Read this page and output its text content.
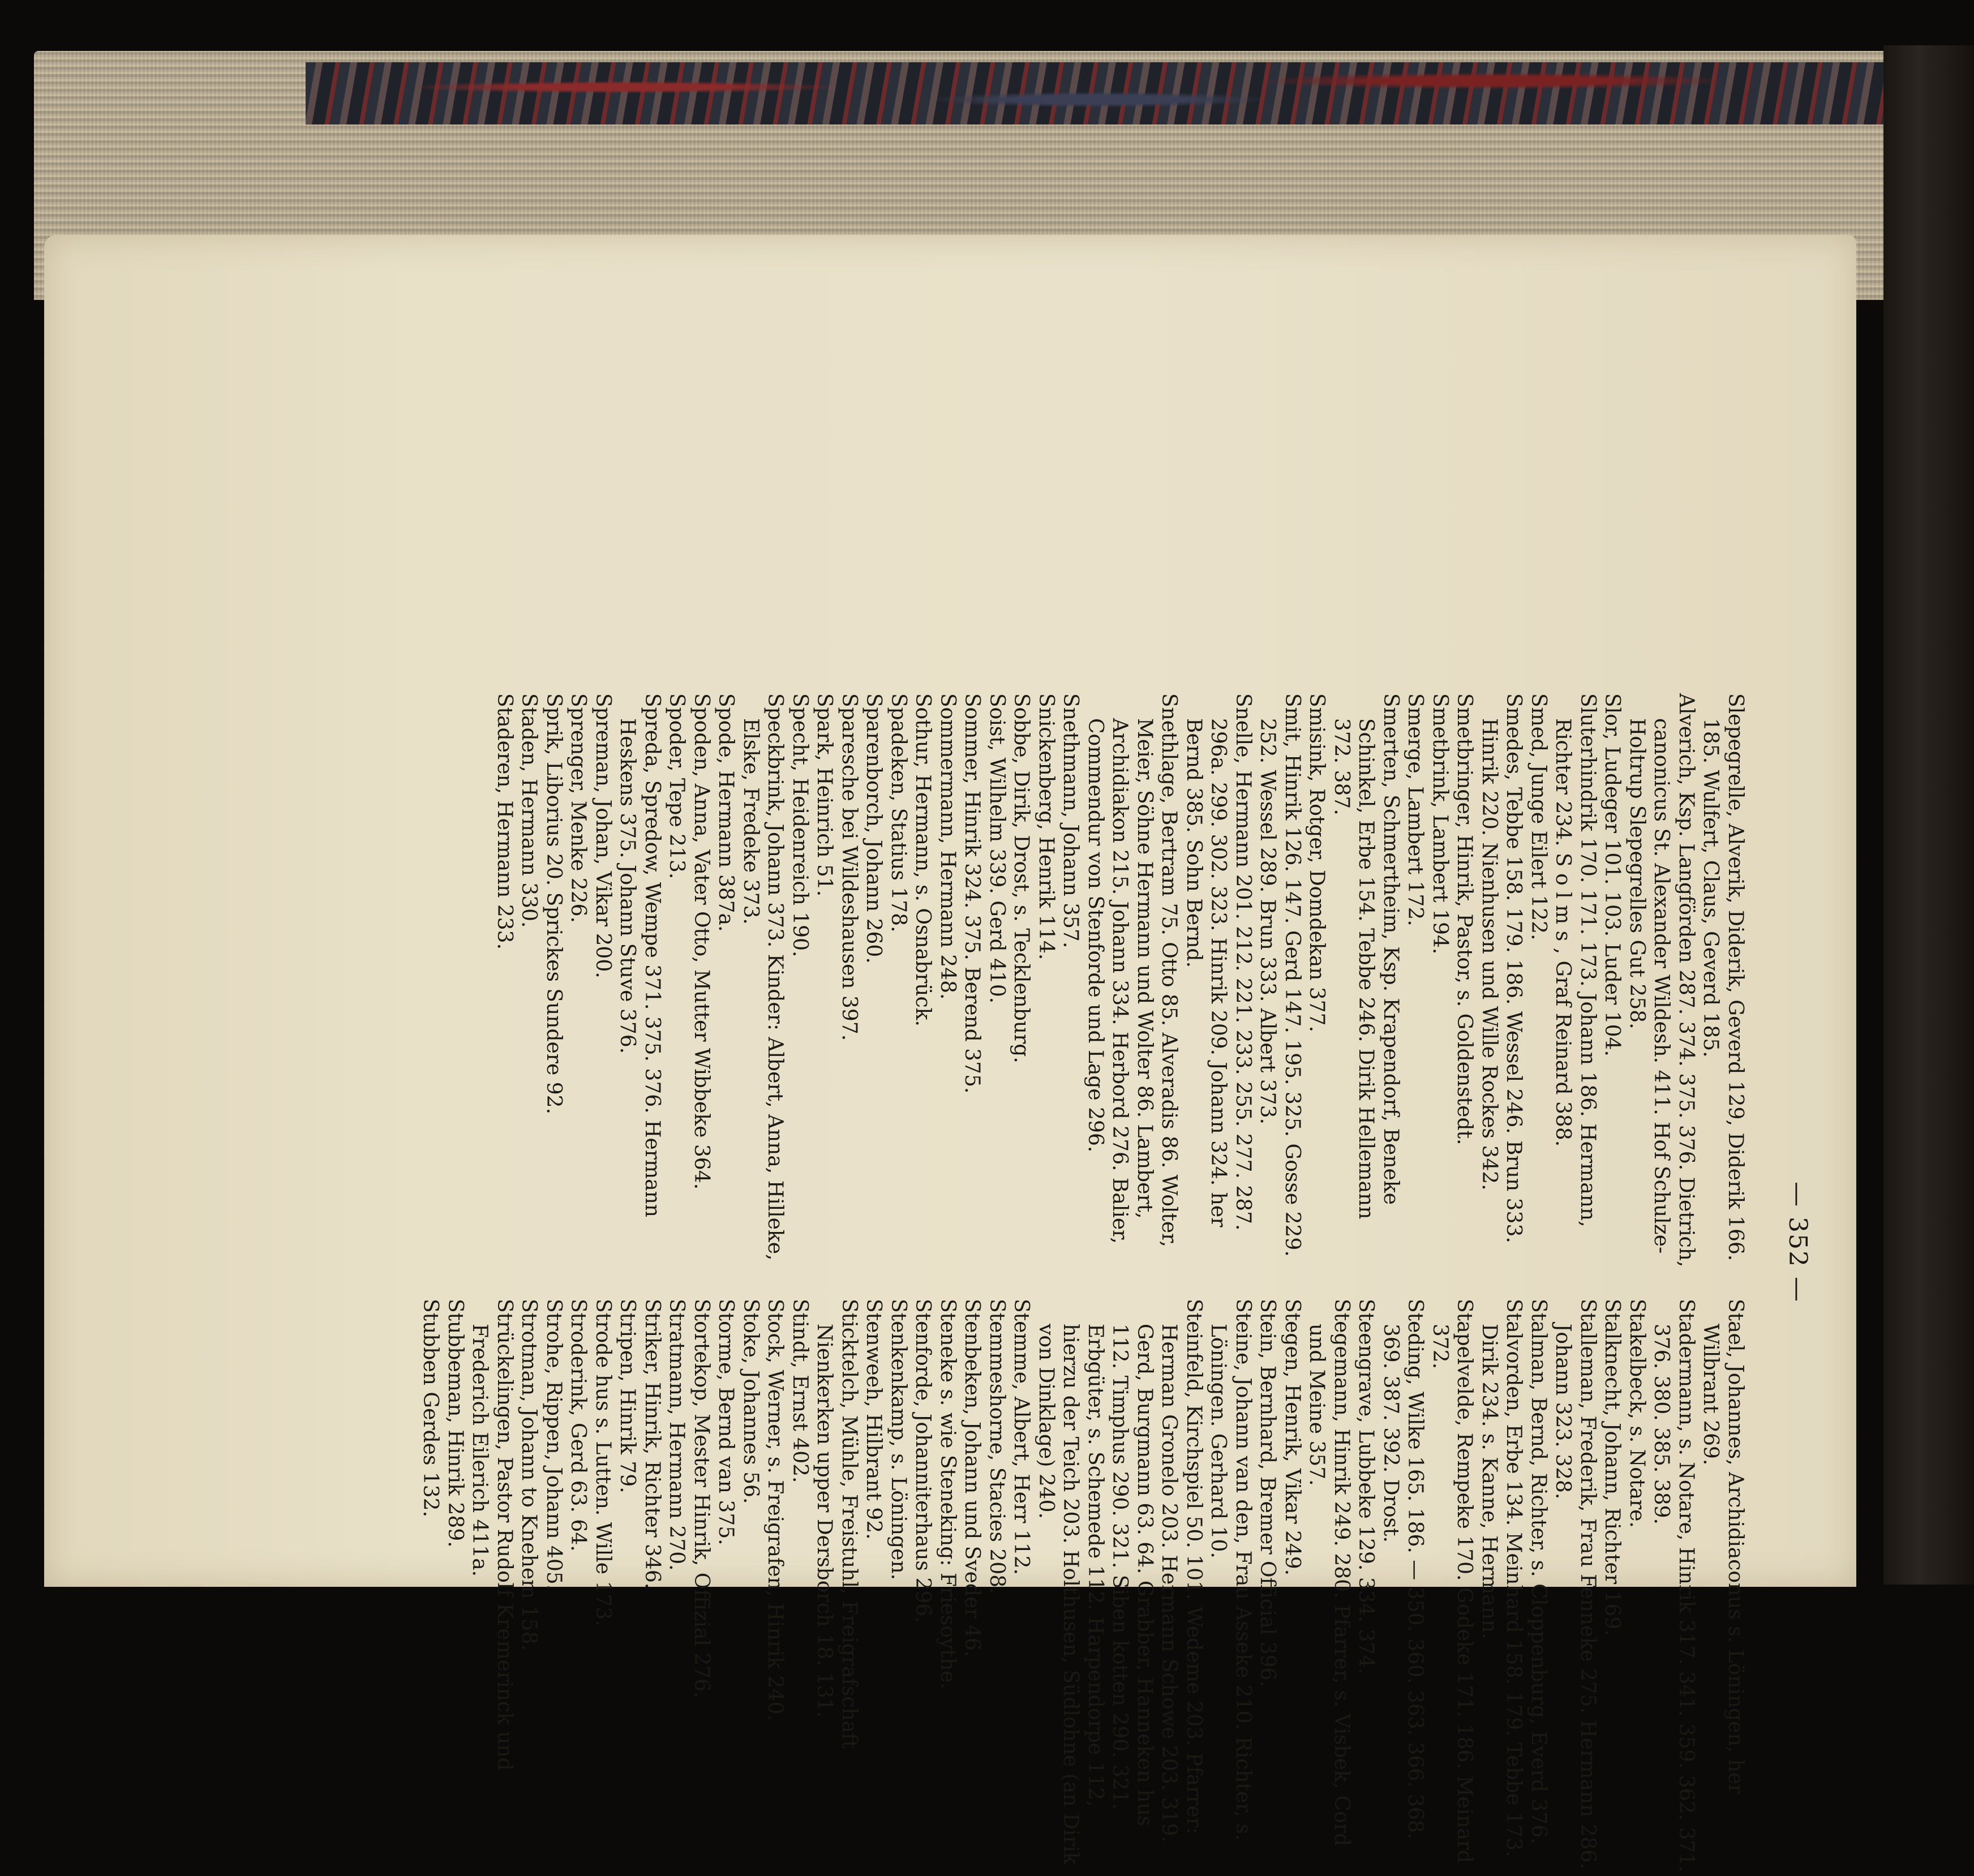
— 352 —

Slepegrelle, Alverik, Diderik, Geverd 129, Diderik 166. 185. Wulfert, Claus, Geverd 185.

Alverich, Ksp. Langförden 287. 374. 375. 376. Dietrich, canonicus St. Alexander Wildesh. 411. Hof Schulze-Holtrup Slepegrelles Gut 258.

Slor, Ludeger 101. 103. Luder 104.

Sluterhindrik 170. 171. 173. Johann 186. Hermann, Richter 234. S o l m s , Graf Reinard 388.

Smed, Junge Eilert 122.

Smedes, Tebbe 158. 179. 186. Wessel 246. Brun 333. Hinrik 220. Nienhusen und Wille Rockes 342.

Smetbringer, Hinrik, Pastor, s. Goldenstedt.

Smetbrink, Lambert 194.

Smerge, Lambert 172.

Smerten, Schmertheim, Ksp. Krapendorf, Beneke Schinkel, Erbe 154. Tebbe 246. Dirik Hellemann 372. 387.

Smisink, Rotger, Domdekan 377.

Smit, Hinrik 126. 147. Gerd 147. 195. 325. Gosse 229. 252. Wessel 289. Brun 333. Albert 373.

Snelle, Hermann 201. 212. 221. 233. 255. 277. 287. 296a. 299. 302. 323. Hinrik 209. Johann 324. her Bernd 385. Sohn Bernd.

Snethlage, Bertram 75. Otto 85. Alveradis 86. Wolter, Meier, Söhne Hermann und Wolter 86. Lambert, Archidiakon 215. Johann 334. Herbord 276. Balier, Commendur von Stenforde und Lage 296.

Snethmann, Johann 357.

Snickenberg, Henrik 114.

Sobbe, Dirik, Drost, s. Tecklenburg.

Soist, Wilhelm 339. Gerd 410.

Sommer, Hinrik 324. 375. Berend 375.

Sommermann, Hermann 248.

Sothur, Hermann, s. Osnabrück.

Spadeken, Statius 178.

Sparenborch, Johann 260.

Sparesche bei Wildeshausen 397.

Spark, Heinrich 51.

Specht, Heidenreich 190.

Speckbrink, Johann 373. Kinder: Albert, Anna, Hilleke, Elske, Fredeke 373.

Spode, Hermann 387a.

Spoden, Anna, Vater Otto, Mutter Wibbeke 364.

Spoder, Tepe 213.

Spreda, Spredow, Wempe 371. 375. 376. Hermann Heskens 375. Johann Stuve 376.

Spreman, Johan, Vikar 200.

Sprenger, Menke 226.

Sprik, Liborius 20. Sprickes Sundere 92.

Staden, Hermann 330.

Staderen, Hermann 233.

Stael, Johannes, Archidiaconus s. Löningen, her Wilbrant 269.

Stadermann, s. Notare, Hinrik 317. 341. 359. 362. 371. 376. 380. 385. 389.

Stakelbeck, s. Notare.

Stalknecht, Johann, Richter 169.

Stalleman, Frederik, Frau Fenneke 275. Hermann 286. Johann 323. 328.

Stalman, Bernd, Richter, s. Cloppenburg, Everd 376.

Stalvorden, Erbe 134. Meinhard 158. 179. Tebbe 173. Dirik 234. s. Kanne, Hermann.

Stapelvelde, Rempeke 170. Godeke 171. 186. Meinard 372.

Steding, Wilke 165. 186. — 350. 360. 363. 366. 368. 369. 387. 392. Drost.

Steengrave, Lubbeke 129. 334. 374.

Stegemann, Hinrik 249. 280. Pfarrer, s. Visbek, Cord und Meine 357.

Stegen, Henrik, Vikar 249.

Stein, Bernhard, Bremer Official 396.

Steine, Johann van den, Frau Asseke 210. Richter, s. Löningen. Gerhard 10.

Steinfeld, Kirchspiel 50. 101. Wedeme 203. Pfarrer: Herman Gronelo 203. Hermann Schowe 203. 319. Gerd, Burgmann 63. 64. Grabber, Hanneken hus 112. Timphus 290. 321. Siben kotten 290. 321. Erbgüter, s. Schemede 112. Harpendorpe 112, hierzu der Teich 203. Holthusen, Südlohne (an Dirik von Dinklage) 240.

Stemme, Albert, Herr 112.

Stemmeshorne, Stacies 208.

Stenbeken, Johann und Sveder 46.

Steneke s. wie Steneking: Friesoythe.

Stenforde, Johanniterhaus 296.

Stenkenkamp, s. Löningen.

Stenweeh, Hilbrant 92.

Sticktelch, Mühle, Freistuhl, Freigrafschaft Nienkerken upper Dersborch 18. 131.

Stindt, Ernst 402.

Stock, Werner, s. Freigrafen, Hinrik 240.

Stoke, Johannes 56.

Storme, Bernd van 375.

Stortekop, Mester Hinrik, Offizial 276.

Stratmann, Hermann 270.

Striker, Hinrik, Richter 346.

Stripen, Hinrik 79.

Strode hus s. Lutten. Wille 173.

Stroderink, Gerd 63. 64.

Strohe, Rippen, Johann 405.

Strotman, Johann to Knehem 158.

Strückelingen, Pastor Rudolf Kremerinck und Frederich Eilerich 411a.

Stubbeman, Hinrik 289.

Stubben Gerdes 132.
